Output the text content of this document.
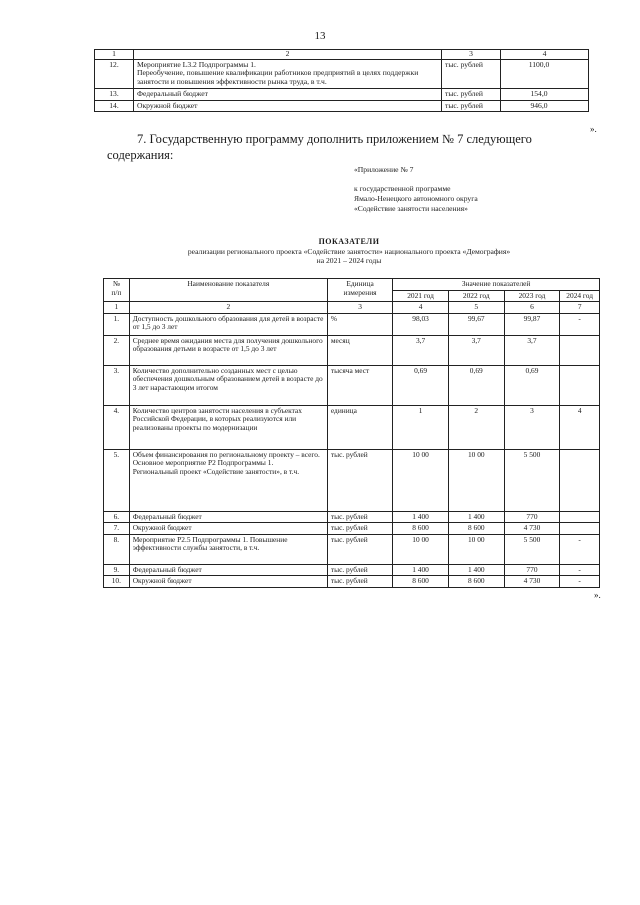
13
1	2	3	4
12.	Мероприятие L3.2 Подпрограммы 1.
Переобучение, повышение квалификации работников предприятий в целях поддержки занятости и повышения эффективности рынка труда, в т.ч.	тыс. рублей	1100,0
13.	Федеральный бюджет	тыс. рублей	154,0
14.	Окружной бюджет	тыс. рублей	946,0
».
7. Государственную программу дополнить приложением № 7 следующего
содержания:
«Приложение № 7
к государственной программе
Ямало-Ненецкого автономного округа
«Содействие занятости населения»
ПОКАЗАТЕЛИ
реализации регионального проекта «Содействие занятости» национального проекта «Демография»
на 2021 – 2024 годы
№
п/п	Наименование показателя	Единица
измерения	Значение показателей			
			2021 год	2022 год	2023 год	2024 год
1	2	3	4	5	6	7
1.	Доступность дошкольного образования для детей в возрасте от 1,5 до 3 лет	%	98,03	99,67	99,87	-
2.	Среднее время ожидания места для получения дошкольного образования детьми в возрасте от 1,5 до 3 лет	месяц	3,7	3,7	3,7	
3.	Количество дополнительно созданных мест с целью обеспечения дошкольным образованием детей в возрасте до 3 лет нарастающим итогом	тысяча мест	0,69	0,69	0,69	
4.	Количество центров занятости населения в субъектах Российской Федерации, в которых реализуются или реализованы проекты по модернизации	единица	1	2	3	4
5.	Объем финансирования по региональному проекту – всего.
Основное мероприятие Р2 Подпрограммы 1.
Региональный проект «Содействие занятости», в т.ч.	тыс. рублей	10 00	10 00	5 500	
6.	Федеральный бюджет	тыс. рублей	1 400	1 400	770	
7.	Окружной бюджет	тыс. рублей	8 600	8 600	4 730	
8.	Мероприятие Р2.5 Подпрограммы 1. Повышение эффективности службы занятости, в т.ч.	тыс. рублей	10 00	10 00	5 500	-
9.	Федеральный бюджет	тыс. рублей	1 400	1 400	770	-
10.	Окружной бюджет	тыс. рублей	8 600	8 600	4 730	-
».
